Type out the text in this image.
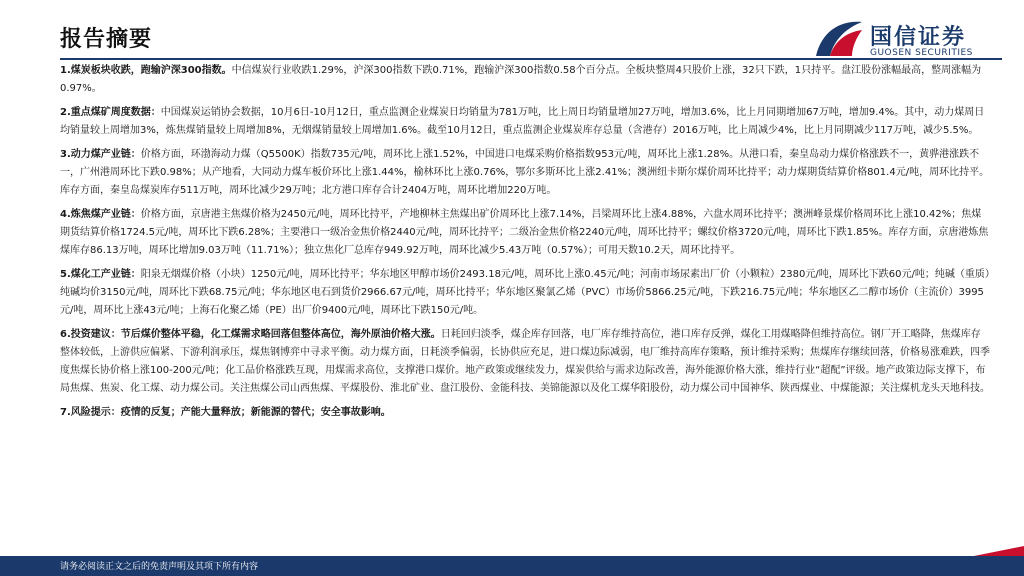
报告摘要	国信证券
GUOSEN SECURITIES

1.煤炭板块收跌，跑输沪深300指数。中信煤炭行业收跌1.29%，沪深300指数下跌0.71%，跑输沪深300指数0.58个百分点。全板块整周4只股价上涨，32只下跌，1只持平。盘江股份涨幅最高，整周涨幅为0.97%。

2.重点煤矿周度数据：中国煤炭运销协会数据，10月6日-10月12日，重点监测企业煤炭日均销量为781万吨，比上周日均销量增加27万吨，增加3.6%，比上月同期增加67万吨，增加9.4%。其中，动力煤周日均销量较上周增加3%，炼焦煤销量较上周增加8%，无烟煤销量较上周增加1.6%。截至10月12日，重点监测企业煤炭库存总量（含港存）2016万吨，比上周减少4%，比上月同期减少117万吨，减少5.5%。

3.动力煤产业链：价格方面，环渤海动力煤（Q5500K）指数735元/吨，周环比上涨1.52%，中国进口电煤采购价格指数953元/吨，周环比上涨1.28%。从港口看，秦皇岛动力煤价格涨跌不一，黄骅港涨跌不一，广州港周环比下跌0.98%；从产地看，大同动力煤车板价环比上涨1.44%，榆林环比上涨0.76%，鄂尔多斯环比上涨2.41%；澳洲纽卡斯尔煤价周环比持平；动力煤期货结算价格801.4元/吨，周环比持平。库存方面，秦皇岛煤炭库存511万吨，周环比减少29万吨；北方港口库存合计2404万吨，周环比增加220万吨。

4.炼焦煤产业链：价格方面，京唐港主焦煤价格为2450元/吨，周环比持平，产地柳林主焦煤出矿价周环比上涨7.14%，吕梁周环比上涨4.88%，六盘水周环比持平；澳洲峰景煤价格周环比上涨10.42%；焦煤期货结算价格1724.5元/吨，周环比下跌6.28%；主要港口一级冶金焦价格2440元/吨，周环比持平；二级冶金焦价格2240元/吨，周环比持平；螺纹价格3720元/吨，周环比下跌1.85%。库存方面，京唐港炼焦煤库存86.13万吨，周环比增加9.03万吨（11.71%）；独立焦化厂总库存949.92万吨，周环比减少5.43万吨（0.57%）；可用天数10.2天，周环比持平。

5.煤化工产业链：阳泉无烟煤价格（小块）1250元/吨，周环比持平；华东地区甲醇市场价2493.18元/吨，周环比上涨0.45元/吨；河南市场尿素出厂价（小颗粒）2380元/吨，周环比下跌60元/吨；纯碱（重质）纯碱均价3150元/吨，周环比下跌68.75元/吨；华东地区电石到货价2966.67元/吨，周环比持平；华东地区聚氯乙烯（PVC）市场价5866.25元/吨，下跌216.75元/吨；华东地区乙二醇市场价（主流价）3995元/吨，周环比上涨43元/吨；上海石化聚乙烯（PE）出厂价9400元/吨，周环比下跌150元/吨。

6.投资建议：节后煤价整体平稳，化工煤需求略回落但整体高位，海外原油价格大涨。日耗回归淡季，煤企库存回落，电厂库存维持高位，港口库存反弹，煤化工用煤略降但维持高位。钢厂开工略降，焦煤库存整体较低，上游供应偏紧、下游利润承压，煤焦钢博弈中寻求平衡。动力煤方面，日耗淡季偏弱，长协供应充足，进口煤边际减弱，电厂维持高库存策略，预计维持采购；焦煤库存继续回落，价格易涨难跌，四季度焦煤长协价格上涨100-200元/吨；化工品价格涨跌互现，用煤需求高位，支撑港口煤价。地产政策或继续发力，煤炭供给与需求边际改善，海外能源价格大涨，维持行业“超配”评级。地产政策边际支撑下，布局焦煤、焦炭、化工煤、动力煤公司。关注焦煤公司山西焦煤、平煤股份、淮北矿业、盘江股份、金能科技、美锦能源以及化工煤华阳股份，动力煤公司中国神华、陕西煤业、中煤能源；关注煤机龙头天地科技。

7.风险提示：疫情的反复；产能大量释放；新能源的替代；安全事故影响。

请务必阅读正文之后的免责声明及其项下所有内容
